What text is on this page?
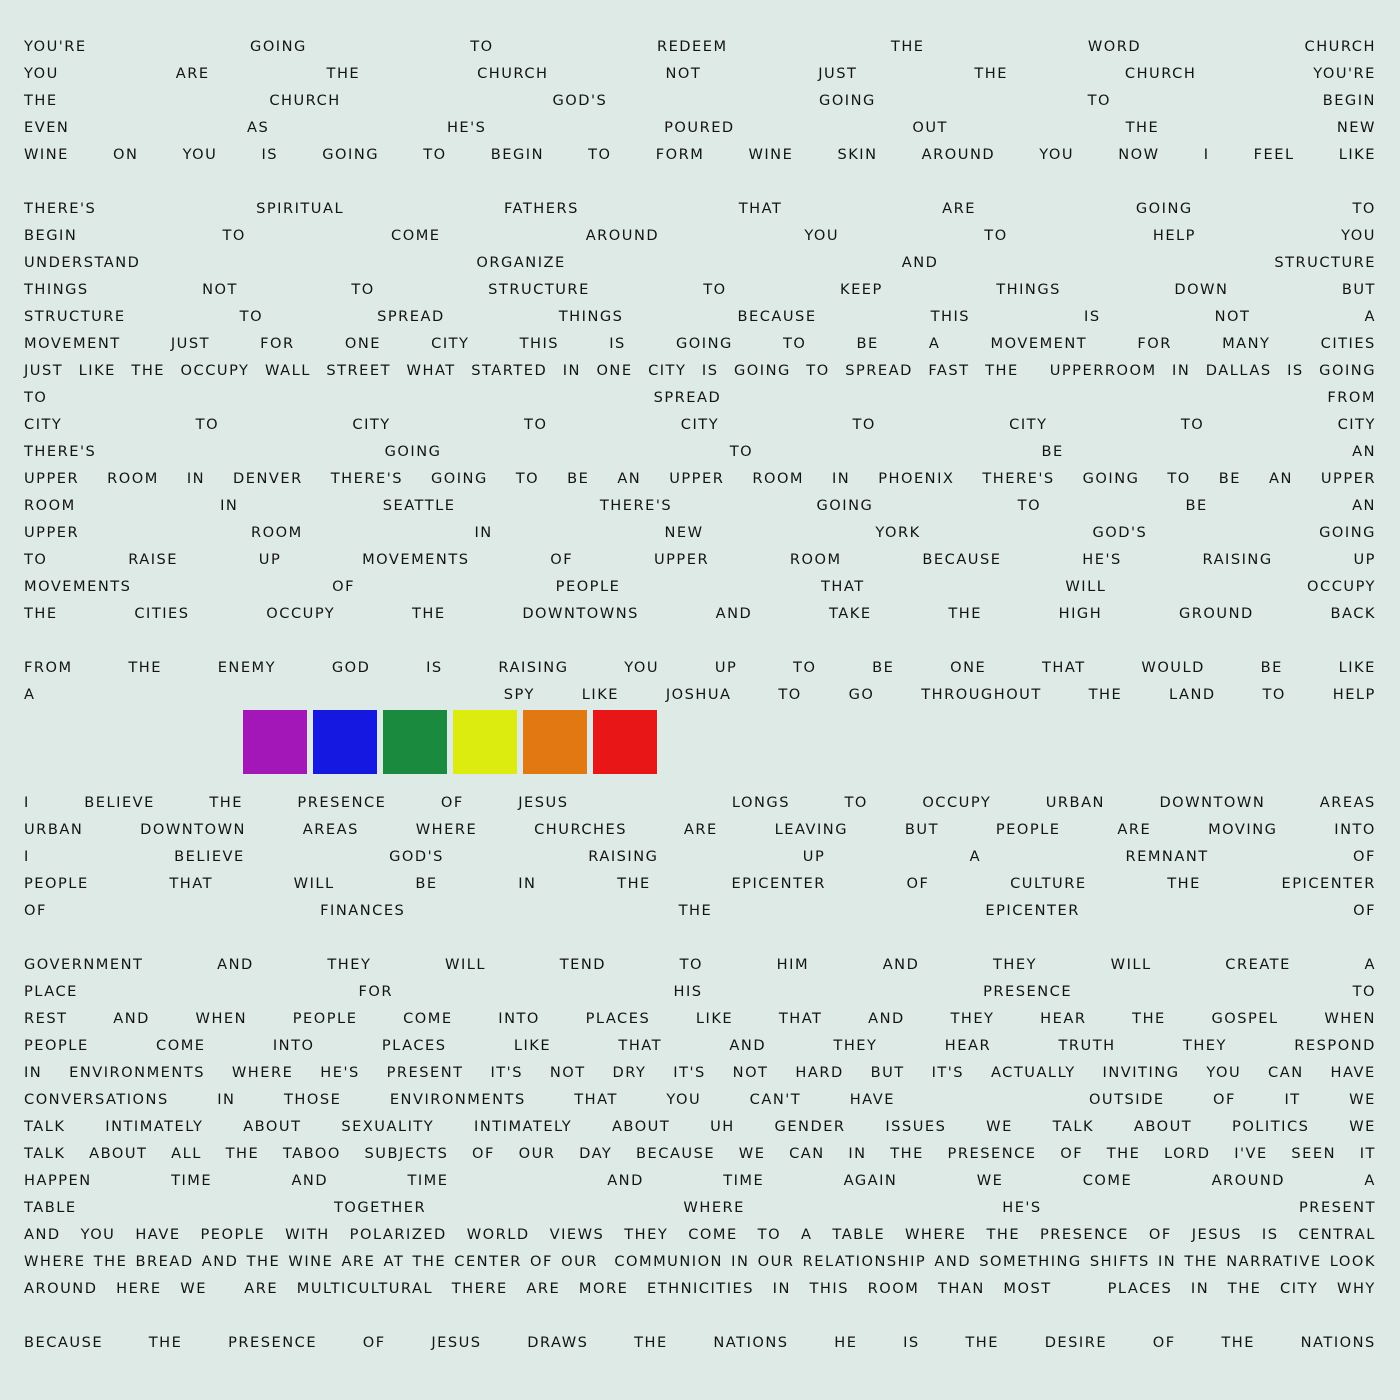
YOU'RE	GOING	TO	REDEEM	THE	WORD	CHURCH
YOU	ARE	THE	CHURCH	NOT	JUST	THE	CHURCH	YOU'RE
THE	CHURCH	GOD'S	GOING	TO	BEGIN
EVEN	AS	HE'S	POURED	OUT	THE	NEW
WINE	ON	YOU	IS	GOING	TO	BEGIN	TO	FORM	WINE	SKIN	AROUND	YOU	NOW	I	FEEL	LIKE
THERE'S	SPIRITUAL	FATHERS	THAT	ARE	GOING	TO
BEGIN	TO	COME	AROUND	YOU	TO	HELP	YOU
UNDERSTAND	ORGANIZE	AND	STRUCTURE
THINGS	NOT	TO	STRUCTURE	TO	KEEP	THINGS	DOWN	BUT
STRUCTURE	TO	SPREAD	THINGS	BECAUSE	THIS	IS	NOT	A
MOVEMENT	JUST	FOR	ONE	CITY	THIS	IS	GOING	TO	BE	A	MOVEMENT	FOR	MANY	CITIES
JUST LIKE THE OCCUPY WALL STREET WHAT STARTED IN ONE CITY IS GOING TO SPREAD FAST THE UPPERROOM IN DALLAS IS GOING
TO	SPREAD	FROM
CITY	TO	CITY	TO	CITY	TO	CITY	TO	CITY
THERE'S	GOING	TO	BE	AN
UPPER ROOM IN DENVER THERE'S GOING TO BE AN UPPER ROOM IN PHOENIX THERE'S GOING TO BE AN UPPER
ROOM	IN	SEATTLE	THERE'S	GOING	TO	BE	AN
UPPER	ROOM	IN	NEW	YORK	GOD'S	GOING
TO	RAISE	UP	MOVEMENTS	OF	UPPER	ROOM	BECAUSE	HE'S	RAISING	UP
MOVEMENTS	OF	PEOPLE	THAT	WILL	OCCUPY
THE	CITIES	OCCUPY	THE	DOWNTOWNS	AND	TAKE	THE	HIGH	GROUND	BACK
FROM	THE	ENEMY	GOD	IS	RAISING	YOU	UP	TO	BE	ONE	THAT	WOULD	BE	LIKE
A	SPY	LIKE	JOSHUA	TO	GO	THROUGHOUT	THE	LAND	TO	HELP
I	BELIEVE	THE	PRESENCE	OF	JESUS	LONGS	TO	OCCUPY	URBAN	DOWNTOWN	AREAS
URBAN	DOWNTOWN	AREAS	WHERE	CHURCHES	ARE	LEAVING	BUT	PEOPLE	ARE	MOVING	INTO
I	BELIEVE	GOD'S	RAISING	UP	A	REMNANT	OF
PEOPLE	THAT	WILL	BE	IN	THE	EPICENTER	OF	CULTURE	THE	EPICENTER
OF	FINANCES	THE	EPICENTER	OF
GOVERNMENT	AND	THEY	WILL	TEND	TO	HIM	AND	THEY	WILL	CREATE	A
PLACE	FOR	HIS	PRESENCE	TO
REST	AND	WHEN	PEOPLE	COME	INTO	PLACES	LIKE	THAT	AND	THEY	HEAR	THE	GOSPEL	WHEN
PEOPLE	COME	INTO	PLACES	LIKE	THAT	AND	THEY	HEAR	TRUTH	THEY	RESPOND
IN ENVIRONMENTS WHERE HE'S PRESENT IT'S NOT DRY IT'S NOT HARD BUT IT'S ACTUALLY INVITING YOU CAN HAVE
CONVERSATIONS	IN	THOSE	ENVIRONMENTS	THAT	YOU	CAN'T	HAVE	OUTSIDE	OF	IT	WE
TALK	INTIMATELY	ABOUT	SEXUALITY	INTIMATELY	ABOUT	UH	GENDER	ISSUES	WE	TALK	ABOUT	POLITICS	WE
TALK ABOUT ALL THE TABOO SUBJECTS OF OUR DAY BECAUSE WE CAN IN THE PRESENCE OF THE LORD I'VE SEEN IT
HAPPEN	TIME	AND	TIME	AND	TIME	AGAIN	WE	COME	AROUND	A
TABLE	TOGETHER	WHERE	HE'S	PRESENT
AND YOU HAVE PEOPLE WITH POLARIZED WORLD VIEWS THEY COME TO A TABLE WHERE THE PRESENCE OF JESUS IS CENTRAL
WHERE THE BREAD AND THE WINE ARE AT THE CENTER OF OUR COMMUNION IN OUR RELATIONSHIP AND SOMETHING SHIFTS IN THE NARRATIVE LOOK
AROUND HERE WE	ARE MULTICULTURAL THERE ARE MORE ETHNICITIES IN THIS ROOM THAN MOST	PLACES IN THE CITY WHY
BECAUSE	THE	PRESENCE	OF	JESUS	DRAWS	THE	NATIONS	HE	IS	THE	DESIRE	OF	THE	NATIONS
